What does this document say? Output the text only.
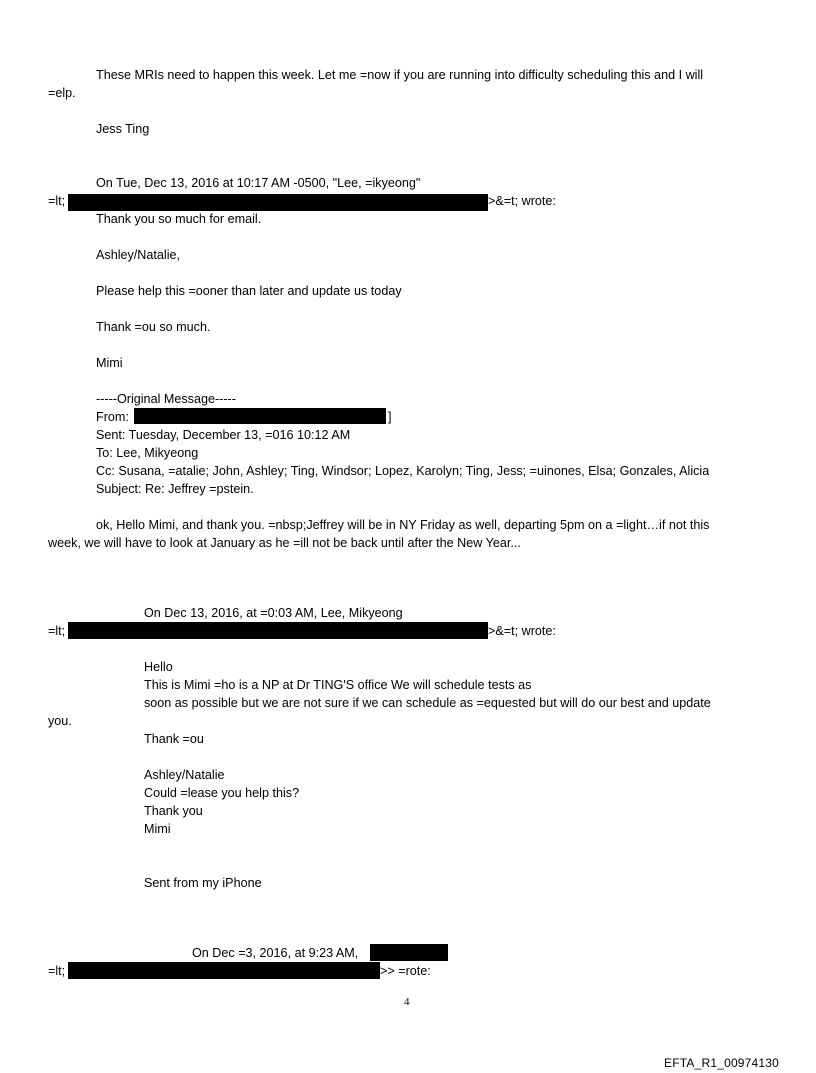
These MRIs need to happen this week. Let me =now if you are running into difficulty scheduling this and I will
=elp.
Jess Ting
On Tue, Dec 13, 2016 at 10:17 AM -0500, "Lee, =ikyeong"
=lt;	>&=t; wrote:
Thank you so much for email.
Ashley/Natalie,
Please help this =ooner than later and update us today
Thank =ou so much.
Mimi
-----Original Message-----
From:	]
Sent: Tuesday, December 13, =016 10:12 AM
To: Lee, Mikyeong
Cc: Susana, =atalie; John, Ashley; Ting, Windsor; Lopez, Karolyn; Ting, Jess; =uinones, Elsa; Gonzales, Alicia
Subject: Re: Jeffrey =pstein.
ok, Hello Mimi, and thank you. =nbsp;Jeffrey will be in NY Friday as well, departing 5pm on a =light…if not this
week, we will have to look at January as he =ill not be back until after the New Year...
On Dec 13, 2016, at =0:03 AM, Lee, Mikyeong
=lt;	>&=t; wrote:
Hello
This is Mimi =ho is a NP at Dr TING'S office We will schedule tests as
soon as possible but we are not sure if we can schedule as =equested but will do our best and update
you.
Thank =ou
Ashley/Natalie
Could =lease you help this?
Thank you
Mimi
Sent from my iPhone
On Dec =3, 2016, at 9:23 AM,
=lt;	>> =rote:
4
EFTA_R1_00974130
